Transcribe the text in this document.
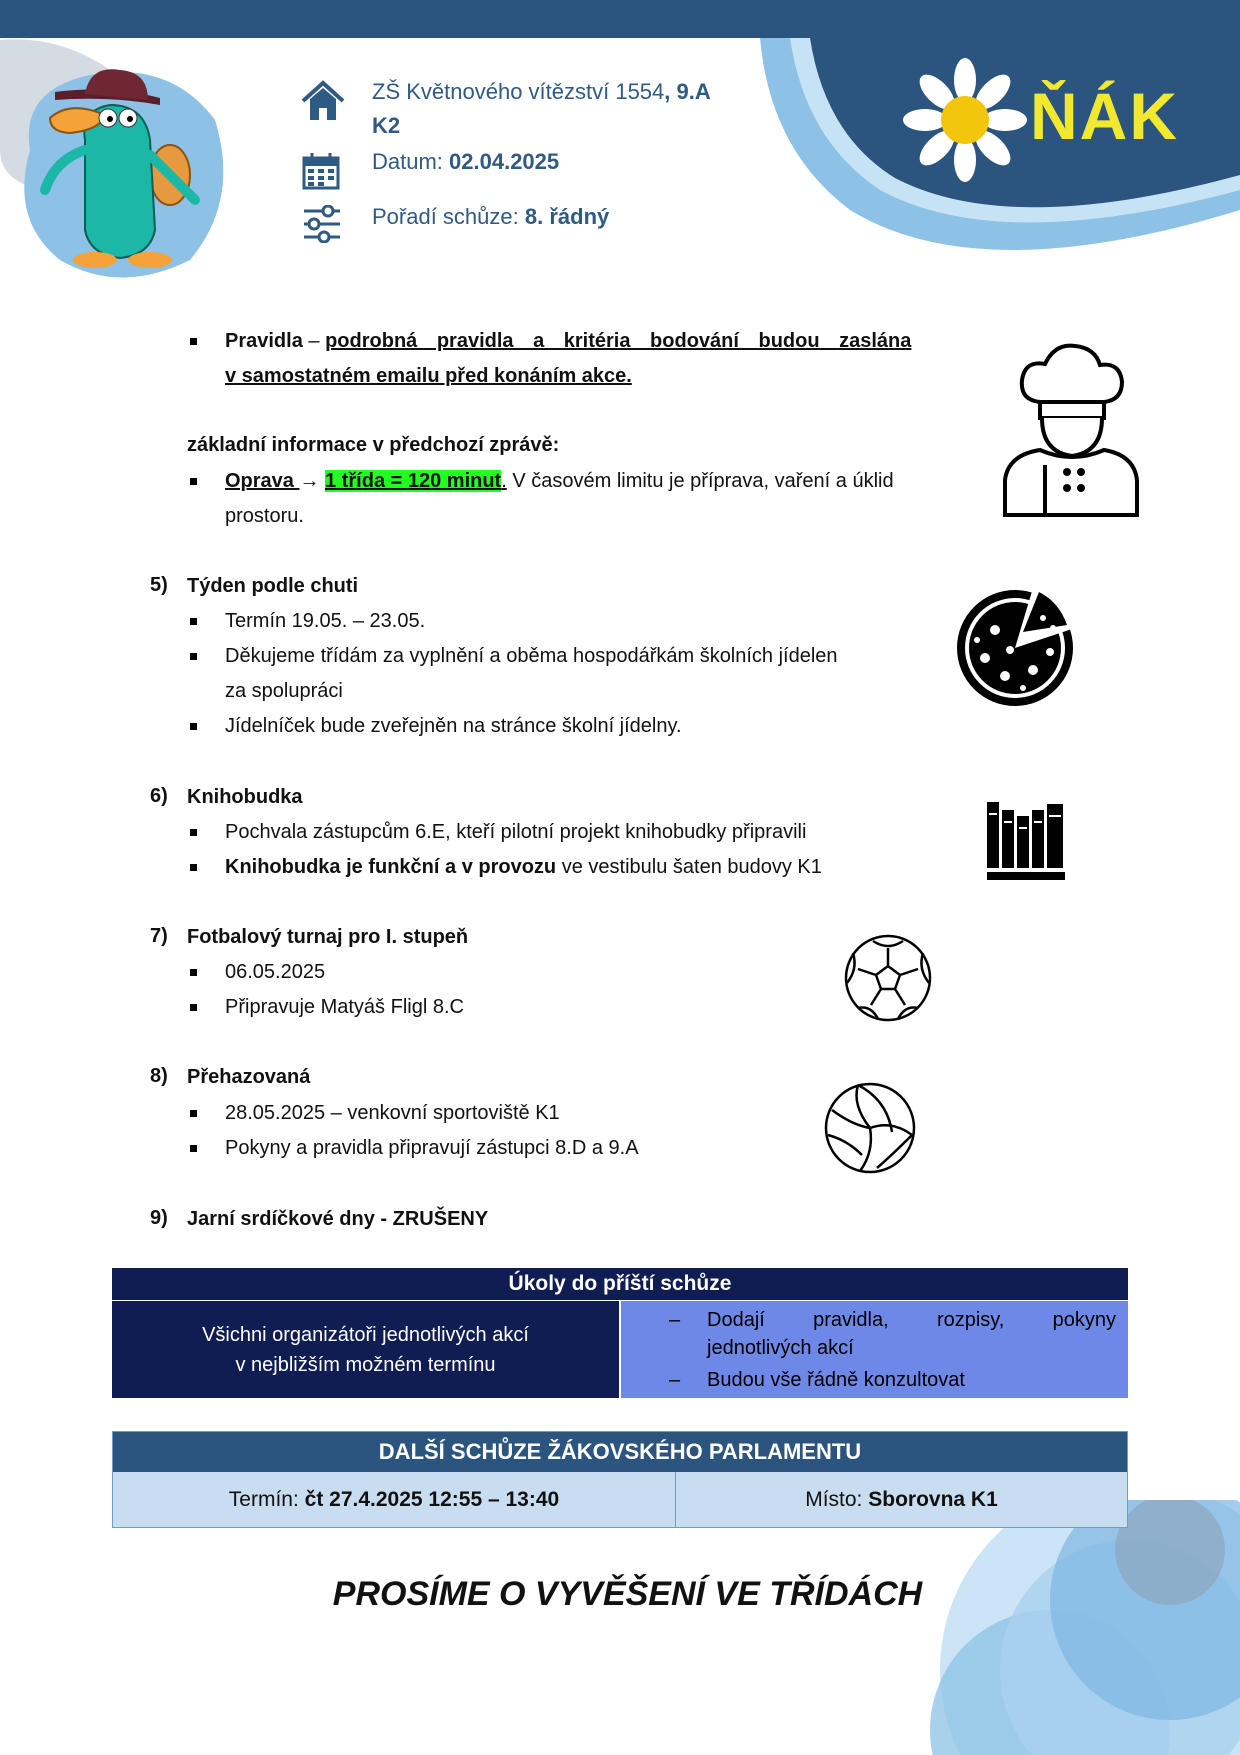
ŇÁK
ZŠ Květnového vítězství 1554, 9.A
K2
Datum: 02.04.2025
Pořadí schůze: 8. řádný
Pravidla – podrobná pravidla a kritéria bodování budou zaslána
v samostatném emailu před konáním akce.
základní informace v předchozí zprávě:
Oprava → 1 třída = 120 minut. V časovém limitu je příprava, vaření a úklid
prostoru.
5) Týden podle chuti
Termín 19.05. – 23.05.
Děkujeme třídám za vyplnění a oběma hospodářkám školních jídelen
za spolupráci
Jídelníček bude zveřejněn na stránce školní jídelny.
6) Knihobudka
Pochvala zástupcům 6.E, kteří pilotní projekt knihobudky připravili
Knihobudka je funkční a v provozu ve vestibulu šaten budovy K1
7) Fotbalový turnaj pro I. stupeň
06.05.2025
Připravuje Matyáš Fligl 8.C
8) Přehazovaná
28.05.2025 – venkovní sportoviště K1
Pokyny a pravidla připravují zástupci 8.D a 9.A
9) Jarní srdíčkové dny - ZRUŠENY
Úkoly do příští schůze

Všichni organizátoři jednotlivých akcí
v nejbližším možném termínu

– Dodají pravidla, rozpisy, pokyny
jednotlivých akcí
– Budou vše řádně konzultovat
DALŠÍ SCHŮZE ŽÁKOVSKÉHO PARLAMENTU
Termín: čt 27.4.2025 12:55 – 13:40	Místo: Sborovna K1
PROSÍME O VYVĚŠENÍ VE TŘÍDÁCH
